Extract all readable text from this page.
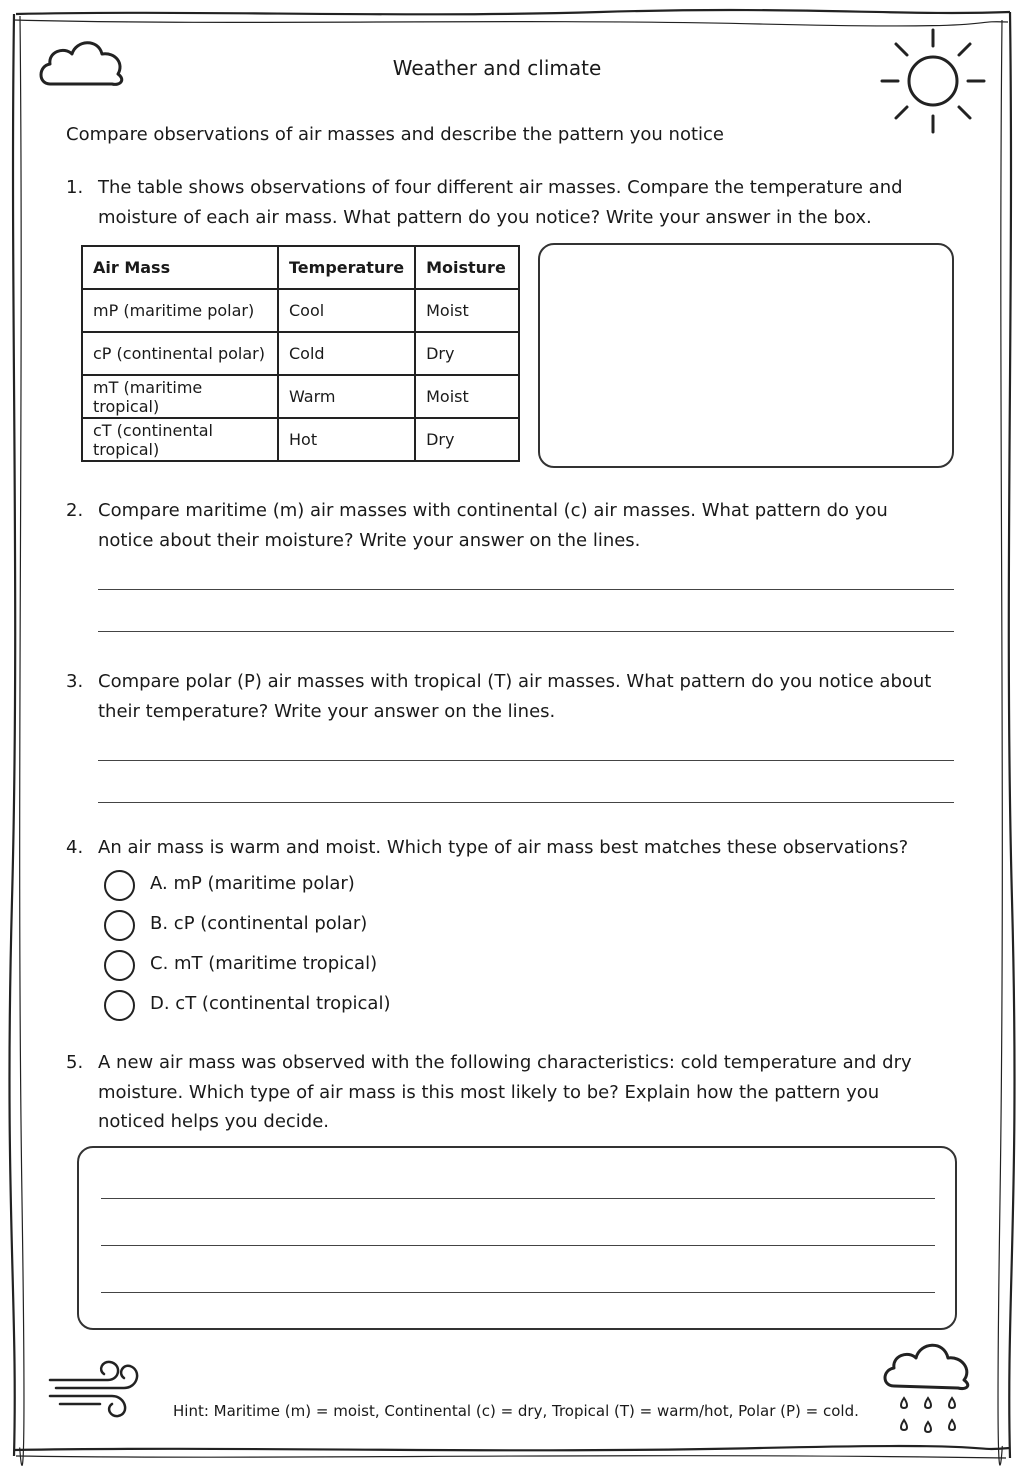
Weather and climate
Compare observations of air masses and describe the pattern you notice
1. The table shows observations of four different air masses. Compare the temperature and moisture of each air mass. What pattern do you notice? Write your answer in the box.
Air Mass	Temperature	Moisture
mP (maritime polar)	Cool	Moist
cP (continental polar)	Cold	Dry
mT (maritime tropical)	Warm	Moist
cT (continental tropical)	Hot	Dry
2. Compare maritime (m) air masses with continental (c) air masses. What pattern do you notice about their moisture? Write your answer on the lines.
3. Compare polar (P) air masses with tropical (T) air masses. What pattern do you notice about their temperature? Write your answer on the lines.
4. An air mass is warm and moist. Which type of air mass best matches these observations?
A. mP (maritime polar)
B. cP (continental polar)
C. mT (maritime tropical)
D. cT (continental tropical)
5. A new air mass was observed with the following characteristics: cold temperature and dry moisture. Which type of air mass is this most likely to be? Explain how the pattern you noticed helps you decide.
Hint: Maritime (m) = moist, Continental (c) = dry, Tropical (T) = warm/hot, Polar (P) = cold.
